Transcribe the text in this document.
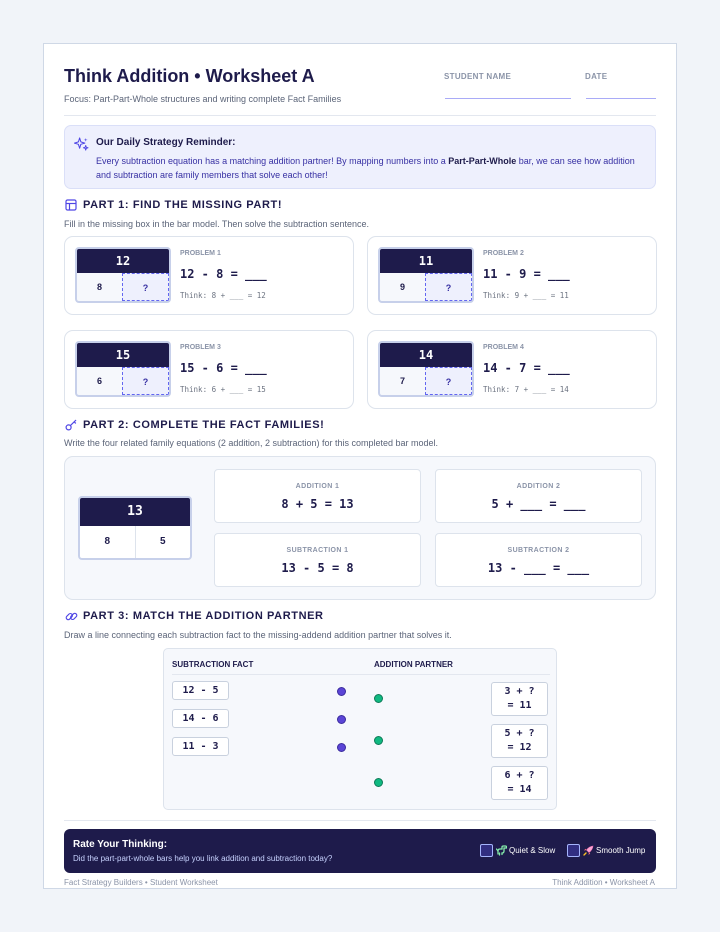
Think Addition • Worksheet A
Focus: Part-Part-Whole structures and writing complete Fact Families
STUDENT NAME	DATE
Our Daily Strategy Reminder:
Every subtraction equation has a matching addition partner! By mapping numbers into a Part-Part-Whole bar, we can see how addition and subtraction are family members that solve each other!
PART 1: FIND THE MISSING PART!
Fill in the missing box in the bar model. Then solve the subtraction sentence.
12
8	?
PROBLEM 1
12 - 8 = ___
Think: 8 + ___ = 12
11
9	?
PROBLEM 2
11 - 9 = ___
Think: 9 + ___ = 11
15
6	?
PROBLEM 3
15 - 6 = ___
Think: 6 + ___ = 15
14
7	?
PROBLEM 4
14 - 7 = ___
Think: 7 + ___ = 14
PART 2: COMPLETE THE FACT FAMILIES!
Write the four related family equations (2 addition, 2 subtraction) for this completed bar model.
13
8	5
ADDITION 1
8 + 5 = 13
ADDITION 2
5 + ___ = ___
SUBTRACTION 1
13 - 5 = 8
SUBTRACTION 2
13 - ___ = ___
PART 3: MATCH THE ADDITION PARTNER
Draw a line connecting each subtraction fact to the missing-addend addition partner that solves it.
SUBTRACTION FACT	ADDITION PARTNER
12 - 5
14 - 6
11 - 3
3 + ?
= 11
5 + ?
= 12
6 + ?
= 14
Rate Your Thinking:
Did the part-part-whole bars help you link addition and subtraction today?
Quiet & Slow	Smooth Jump
Fact Strategy Builders • Student Worksheet	Think Addition • Worksheet A
